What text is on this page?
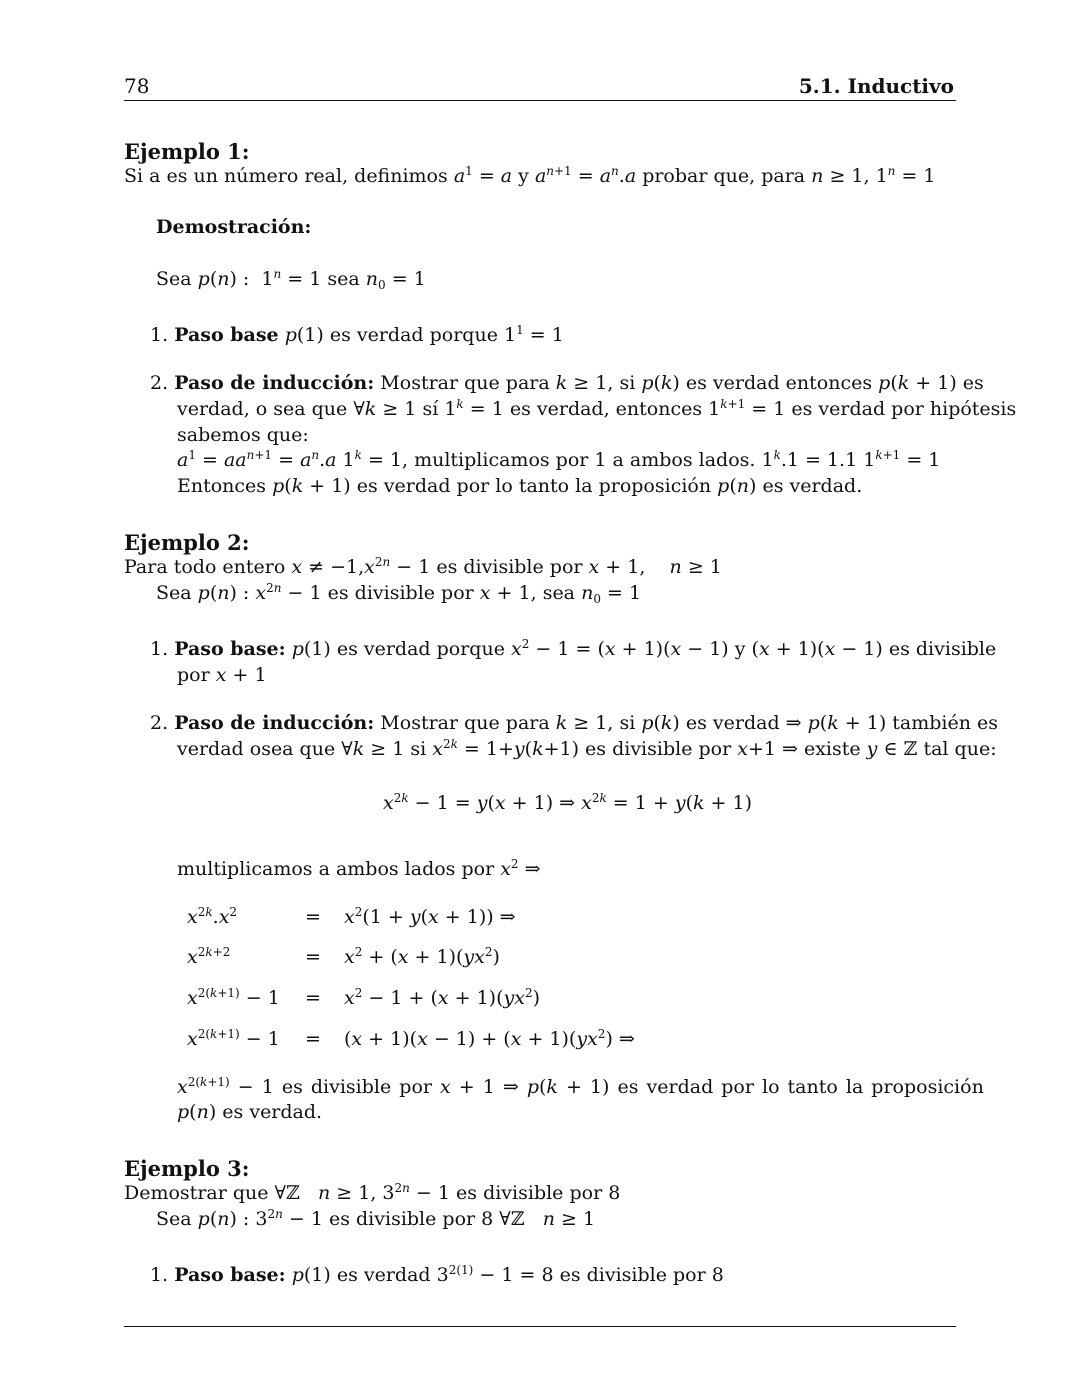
78	5.1. Inductivo
Ejemplo 1:
Si a es un número real, definimos $a^1 = a$ y $a^{n+1} = a^n.a$ probar que, para n ≥ 1, $1^n = 1$
Demostración:
Sea p(n) :  $1^n = 1$ sea $n_0 = 1$
1. Paso base p(1) es verdad porque $1^1 = 1$
2. Paso de inducción: Mostrar que para k ≥ 1, si p(k) es verdad entonces p(k + 1) es
verdad, o sea que ∀k ≥ 1 sí $1^k = 1$ es verdad, entonces $1^{k+1} = 1$ es verdad por hipótesis
sabemos que:
$a^1 = aa^{n+1} = a^n.a$ $1^k = 1$, multiplicamos por 1 a ambos lados. $1^k.1 = 1.1$ $1^{k+1} = 1$
Entonces p(k + 1) es verdad por lo tanto la proposición p(n) es verdad.
Ejemplo 2:
Para todo entero $x \ne -1,x^{2n} - 1$ es divisible por x + 1,    n ≥ 1
Sea p(n) : $x^{2n} - 1$ es divisible por x + 1, sea $n_0 = 1$
1. Paso base: p(1) es verdad porque $x^2 - 1 = (x + 1)(x - 1)$ y (x + 1)(x − 1) es divisible
por x + 1
2. Paso de inducción: Mostrar que para k ≥ 1, si p(k) es verdad ⇒ p(k + 1) también es
verdad osea que ∀k ≥ 1 si $x^{2k} = 1+y(k+1)$ es divisible por x+1 ⇒ existe y ∈ ℤ tal que:
$x^{2k} - 1 = y(x + 1)$ ⇒ $x^{2k} = 1 + y(k + 1)$
multiplicamos a ambos lados por $x^2$ ⇒
$x^{2k}.x^2$	= $x^2(1 + y(x + 1))$ ⇒
$x^{2k+2}$	= $x^2 + (x + 1)(yx^2)$
$x^{2(k+1)} - 1 = x^2 - 1 + (x + 1)(yx^2)$
$x^{2(k+1)} - 1 = (x + 1)(x - 1) + (x + 1)(yx^2)$ ⇒
$x^{2(k+1)} - 1$ es divisible por x + 1 ⇒ p(k + 1) es verdad por lo tanto la proposición
p(n) es verdad.
Ejemplo 3:
Demostrar que ∀ℤ   n ≥ 1, $3^{2n} - 1$ es divisible por 8
Sea p(n) : $3^{2n} - 1$ es divisible por 8 ∀ℤ   n ≥ 1
1. Paso base: p(1) es verdad $3^{2(1)} - 1 = 8$ es divisible por 8
